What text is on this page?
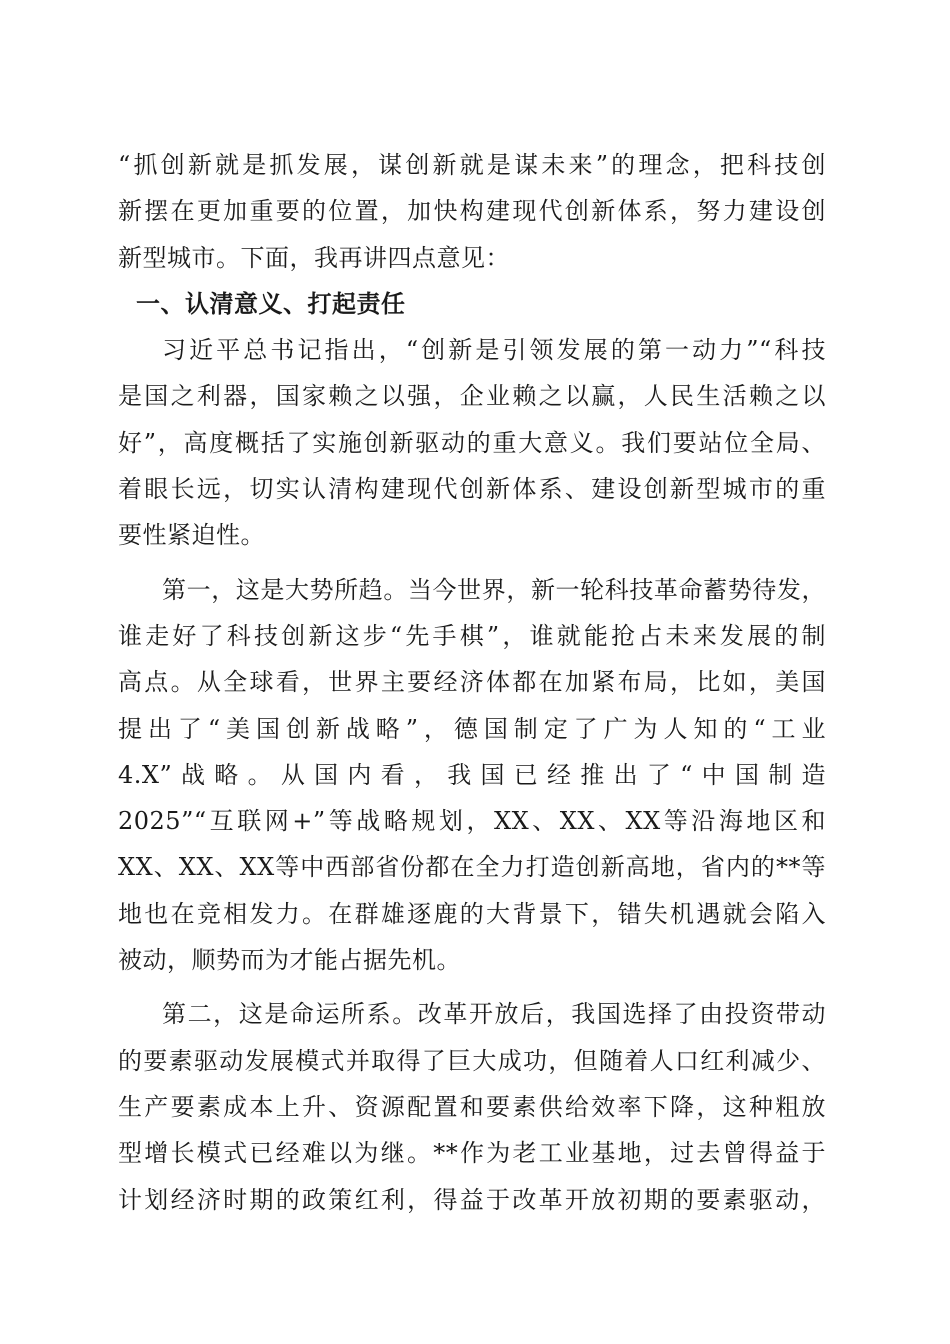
“抓创新就是抓发展，谋创新就是谋未来”的理念，把科技创
新摆在更加重要的位置，加快构建现代创新体系，努力建设创
新型城市。下面，我再讲四点意见：
一、认清意义、打起责任
习近平总书记指出，“创新是引领发展的第一动力”“科技
是国之利器，国家赖之以强，企业赖之以赢，人民生活赖之以
好”，高度概括了实施创新驱动的重大意义。我们要站位全局、
着眼长远，切实认清构建现代创新体系、建设创新型城市的重
要性紧迫性。
第一，这是大势所趋。当今世界，新一轮科技革命蓄势待发，
谁走好了科技创新这步“先手棋”，谁就能抢占未来发展的制
高点。从全球看，世界主要经济体都在加紧布局，比如，美国
提出了“美国创新战略”，德国制定了广为人知的“工业
4.X”战略。从国内看，我国已经推出了“中国制造
2025”“互联网+”等战略规划，XX、XX、XX等沿海地区和
XX、XX、XX等中西部省份都在全力打造创新高地，省内的**等
地也在竞相发力。在群雄逐鹿的大背景下，错失机遇就会陷入
被动，顺势而为才能占据先机。
第二，这是命运所系。改革开放后，我国选择了由投资带动
的要素驱动发展模式并取得了巨大成功，但随着人口红利减少、
生产要素成本上升、资源配置和要素供给效率下降，这种粗放
型增长模式已经难以为继。**作为老工业基地，过去曾得益于
计划经济时期的政策红利，得益于改革开放初期的要素驱动，
